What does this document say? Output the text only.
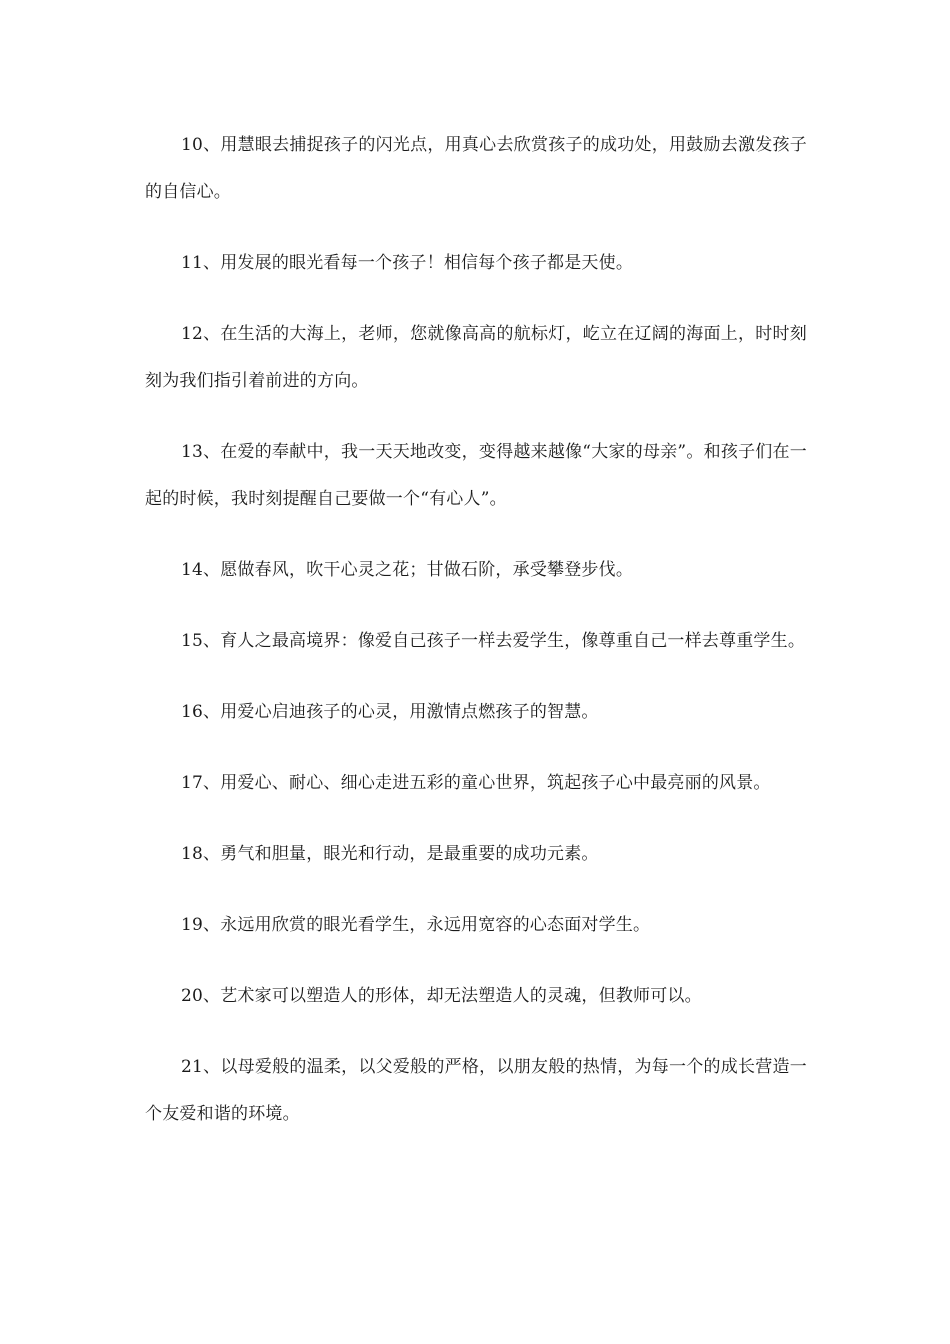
10、用慧眼去捕捉孩子的闪光点，用真心去欣赏孩子的成功处，用鼓励去激发孩子的自信心。

11、用发展的眼光看每一个孩子！相信每个孩子都是天使。

12、在生活的大海上，老师，您就像高高的航标灯，屹立在辽阔的海面上，时时刻刻为我们指引着前进的方向。

13、在爱的奉献中，我一天天地改变，变得越来越像“大家的母亲”。和孩子们在一起的时候，我时刻提醒自己要做一个“有心人”。

14、愿做春风，吹干心灵之花；甘做石阶，承受攀登步伐。

15、育人之最高境界：像爱自己孩子一样去爱学生，像尊重自己一样去尊重学生。

16、用爱心启迪孩子的心灵，用激情点燃孩子的智慧。

17、用爱心、耐心、细心走进五彩的童心世界，筑起孩子心中最亮丽的风景。

18、勇气和胆量，眼光和行动，是最重要的成功元素。

19、永远用欣赏的眼光看学生，永远用宽容的心态面对学生。

20、艺术家可以塑造人的形体，却无法塑造人的灵魂，但教师可以。

21、以母爱般的温柔，以父爱般的严格，以朋友般的热情，为每一个的成长营造一个友爱和谐的环境。
